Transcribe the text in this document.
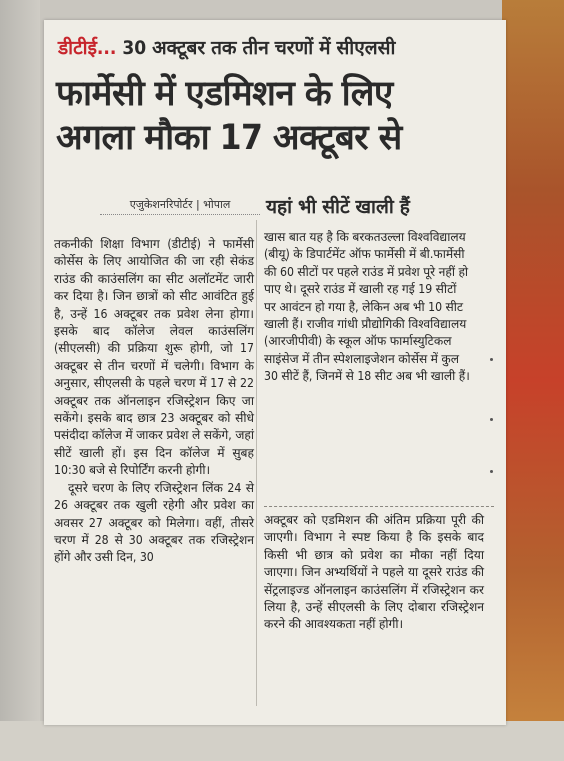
डीटीई... 30 अक्टूबर तक तीन चरणों में सीएलसी
फार्मेसी में एडमिशन के लिए
अगला मौका 17 अक्टूबर से
एजुकेशनरिपोर्टर | भोपाल	यहां भी सीटें खाली हैं

तकनीकी शिक्षा विभाग (डीटीई) ने फार्मेसी कोर्सेस के लिए आयोजित की जा रही सेकंड राउंड की काउंसलिंग का सीट अलॉटमेंट जारी कर दिया है। जिन छात्रों को सीट आवंटित हुई है, उन्हें 16 अक्टूबर तक प्रवेश लेना होगा। इसके बाद कॉलेज लेवल काउंसलिंग (सीएलसी) की प्रक्रिया शुरू होगी, जो 17 अक्टूबर से तीन चरणों में चलेगी। विभाग के अनुसार, सीएलसी के पहले चरण में 17 से 22 अक्टूबर तक ऑनलाइन रजिस्ट्रेशन किए जा सकेंगे। इसके बाद छात्र 23 अक्टूबर को सीधे पसंदीदा कॉलेज में जाकर प्रवेश ले सकेंगे, जहां सीटें खाली हों। इस दिन कॉलेज में सुबह 10:30 बजे से रिपोर्टिंग करनी होगी।

दूसरे चरण के लिए रजिस्ट्रेशन लिंक 24 से 26 अक्टूबर तक खुली रहेगी और प्रवेश का अवसर 27 अक्टूबर को मिलेगा। वहीं, तीसरे चरण में 28 से 30 अक्टूबर तक रजिस्ट्रेशन होंगे और उसी दिन, 30

खास बात यह है कि बरकतउल्ला विश्वविद्यालय (बीयू) के डिपार्टमेंट ऑफ फार्मेसी में बी.फार्मेसी की 60 सीटों पर पहले राउंड में प्रवेश पूरे नहीं हो पाए थे। दूसरे राउंड में खाली रह गई 19 सीटों पर आवंटन हो गया है, लेकिन अब भी 10 सीट खाली हैं। राजीव गांधी प्रौद्योगिकी विश्वविद्यालय (आरजीपीवी) के स्कूल ऑफ फार्मास्युटिकल साइंसेज में तीन स्पेशलाइजेशन कोर्सेस में कुल 30 सीटें हैं, जिनमें से 18 सीट अब भी खाली हैं।
अक्टूबर को एडमिशन की अंतिम प्रक्रिया पूरी की जाएगी। विभाग ने स्पष्ट किया है कि इसके बाद किसी भी छात्र को प्रवेश का मौका नहीं दिया जाएगा। जिन अभ्यर्थियों ने पहले या दूसरे राउंड की सेंट्रलाइज्ड ऑनलाइन काउंसलिंग में रजिस्ट्रेशन कर लिया है, उन्हें सीएलसी के लिए दोबारा रजिस्ट्रेशन करने की आवश्यकता नहीं होगी।
